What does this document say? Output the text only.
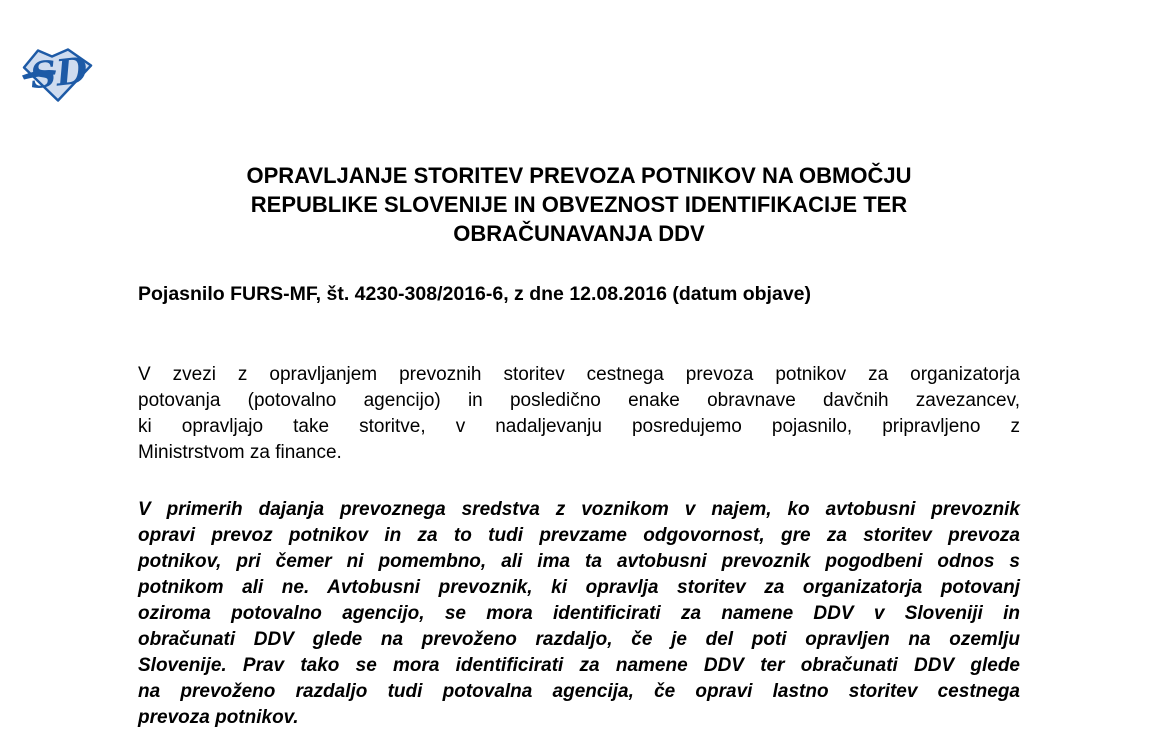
SD
OPRAVLJANJE STORITEV PREVOZA POTNIKOV NA OBMOČJU
REPUBLIKE SLOVENIJE IN OBVEZNOST IDENTIFIKACIJE TER
OBRAČUNAVANJA DDV
Pojasnilo FURS-MF, št. 4230-308/2016-6, z dne 12.08.2016 (datum objave)
V zvezi z opravljanjem prevoznih storitev cestnega prevoza potnikov za organizatorja
potovanja (potovalno agencijo) in posledično enake obravnave davčnih zavezancev,
ki opravljajo take storitve, v nadaljevanju posredujemo pojasnilo, pripravljeno z
Ministrstvom za finance.
V primerih dajanja prevoznega sredstva z voznikom v najem, ko avtobusni prevoznik
opravi prevoz potnikov in za to tudi prevzame odgovornost, gre za storitev prevoza
potnikov, pri čemer ni pomembno, ali ima ta avtobusni prevoznik pogodbeni odnos s
potnikom ali ne. Avtobusni prevoznik, ki opravlja storitev za organizatorja potovanj
oziroma potovalno agencijo, se mora identificirati za namene DDV v Sloveniji in
obračunati DDV glede na prevoženo razdaljo, če je del poti opravljen na ozemlju
Slovenije. Prav tako se mora identificirati za namene DDV ter obračunati DDV glede
na prevoženo razdaljo tudi potovalna agencija, če opravi lastno storitev cestnega
prevoza potnikov.
